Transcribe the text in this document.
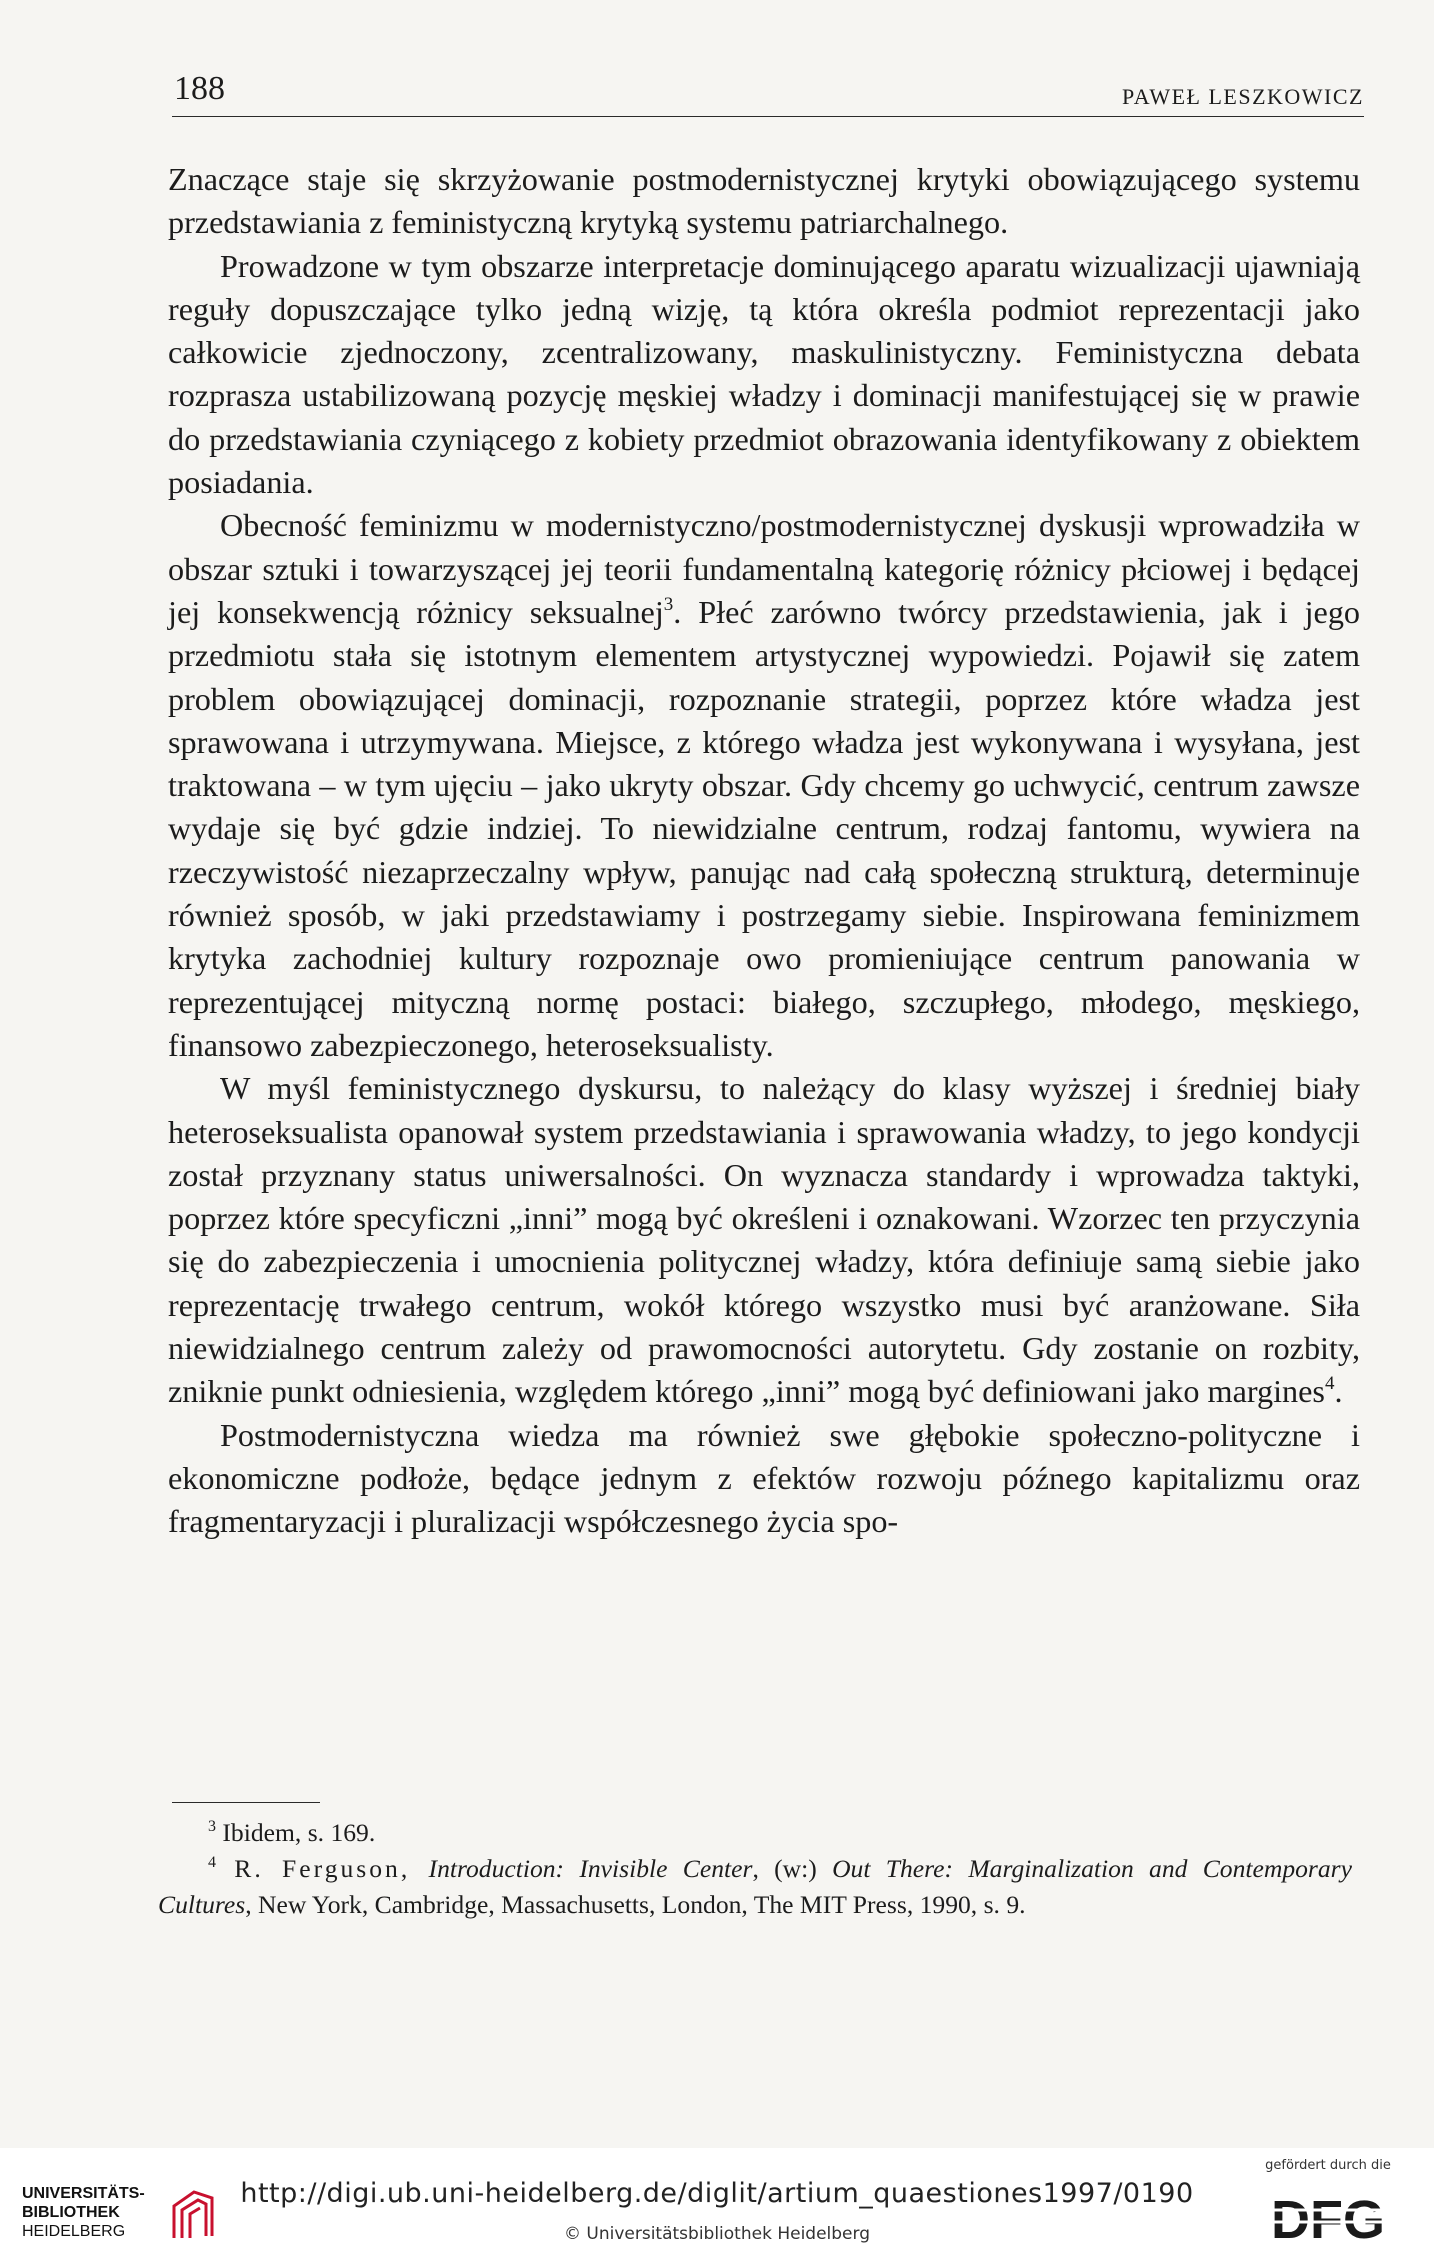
188	PAWEŁ LESZKOWICZ

Znaczące staje się skrzyżowanie postmodernistycznej krytyki obowiązującego systemu przedstawiania z feministyczną krytyką systemu patriarchalnego.

Prowadzone w tym obszarze interpretacje dominującego aparatu wizualizacji ujawniają reguły dopuszczające tylko jedną wizję, tą która określa podmiot reprezentacji jako całkowicie zjednoczony, zcentralizowany, maskulinistyczny. Feministyczna debata rozprasza ustabilizowaną pozycję męskiej władzy i dominacji manifestującej się w prawie do przedstawiania czyniącego z kobiety przedmiot obrazowania identyfikowany z obiektem posiadania.

Obecność feminizmu w modernistyczno/postmodernistycznej dyskusji wprowadziła w obszar sztuki i towarzyszącej jej teorii fundamentalną kategorię różnicy płciowej i będącej jej konsekwencją różnicy seksualnej$^3$. Płeć zarówno twórcy przedstawienia, jak i jego przedmiotu stała się istotnym elementem artystycznej wypowiedzi. Pojawił się zatem problem obowiązującej dominacji, rozpoznanie strategii, poprzez które władza jest sprawowana i utrzymywana. Miejsce, z którego władza jest wykonywana i wysyłana, jest traktowana – w tym ujęciu – jako ukryty obszar. Gdy chcemy go uchwycić, centrum zawsze wydaje się być gdzie indziej. To niewidzialne centrum, rodzaj fantomu, wywiera na rzeczywistość niezaprzeczalny wpływ, panując nad całą społeczną strukturą, determinuje również sposób, w jaki przedstawiamy i postrzegamy siebie. Inspirowana feminizmem krytyka zachodniej kultury rozpoznaje owo promieniujące centrum panowania w reprezentującej mityczną normę postaci: białego, szczupłego, młodego, męskiego, finansowo zabezpieczonego, heteroseksualisty.

W myśl feministycznego dyskursu, to należący do klasy wyższej i średniej biały heteroseksualista opanował system przedstawiania i sprawowania władzy, to jego kondycji został przyznany status uniwersalności. On wyznacza standardy i wprowadza taktyki, poprzez które specyficzni „inni” mogą być określeni i oznakowani. Wzorzec ten przyczynia się do zabezpieczenia i umocnienia politycznej władzy, która definiuje samą siebie jako reprezentację trwałego centrum, wokół którego wszystko musi być aranżowane. Siła niewidzialnego centrum zależy od prawomocności autorytetu. Gdy zostanie on rozbity, zniknie punkt odniesienia, względem którego „inni” mogą być definiowani jako margines$^4$.

Postmodernistyczna wiedza ma również swe głębokie społeczno-polityczne i ekonomiczne podłoże, będące jednym z efektów rozwoju późnego kapitalizmu oraz fragmentaryzacji i pluralizacji współczesnego życia spo-

$^3$ Ibidem, s. 169.

$^4$ R. Ferguson, Introduction: Invisible Center, (w:) Out There: Marginalization and Contemporary Cultures, New York, Cambridge, Massachusetts, London, The MIT Press, 1990, s. 9.

UNIVERSITÄTS-
BIBLIOTHEK
HEIDELBERG
http://digi.ub.uni-heidelberg.de/diglit/artium_quaestiones1997/0190
© Universitätsbibliothek Heidelberg
gefördert durch die
DFG
